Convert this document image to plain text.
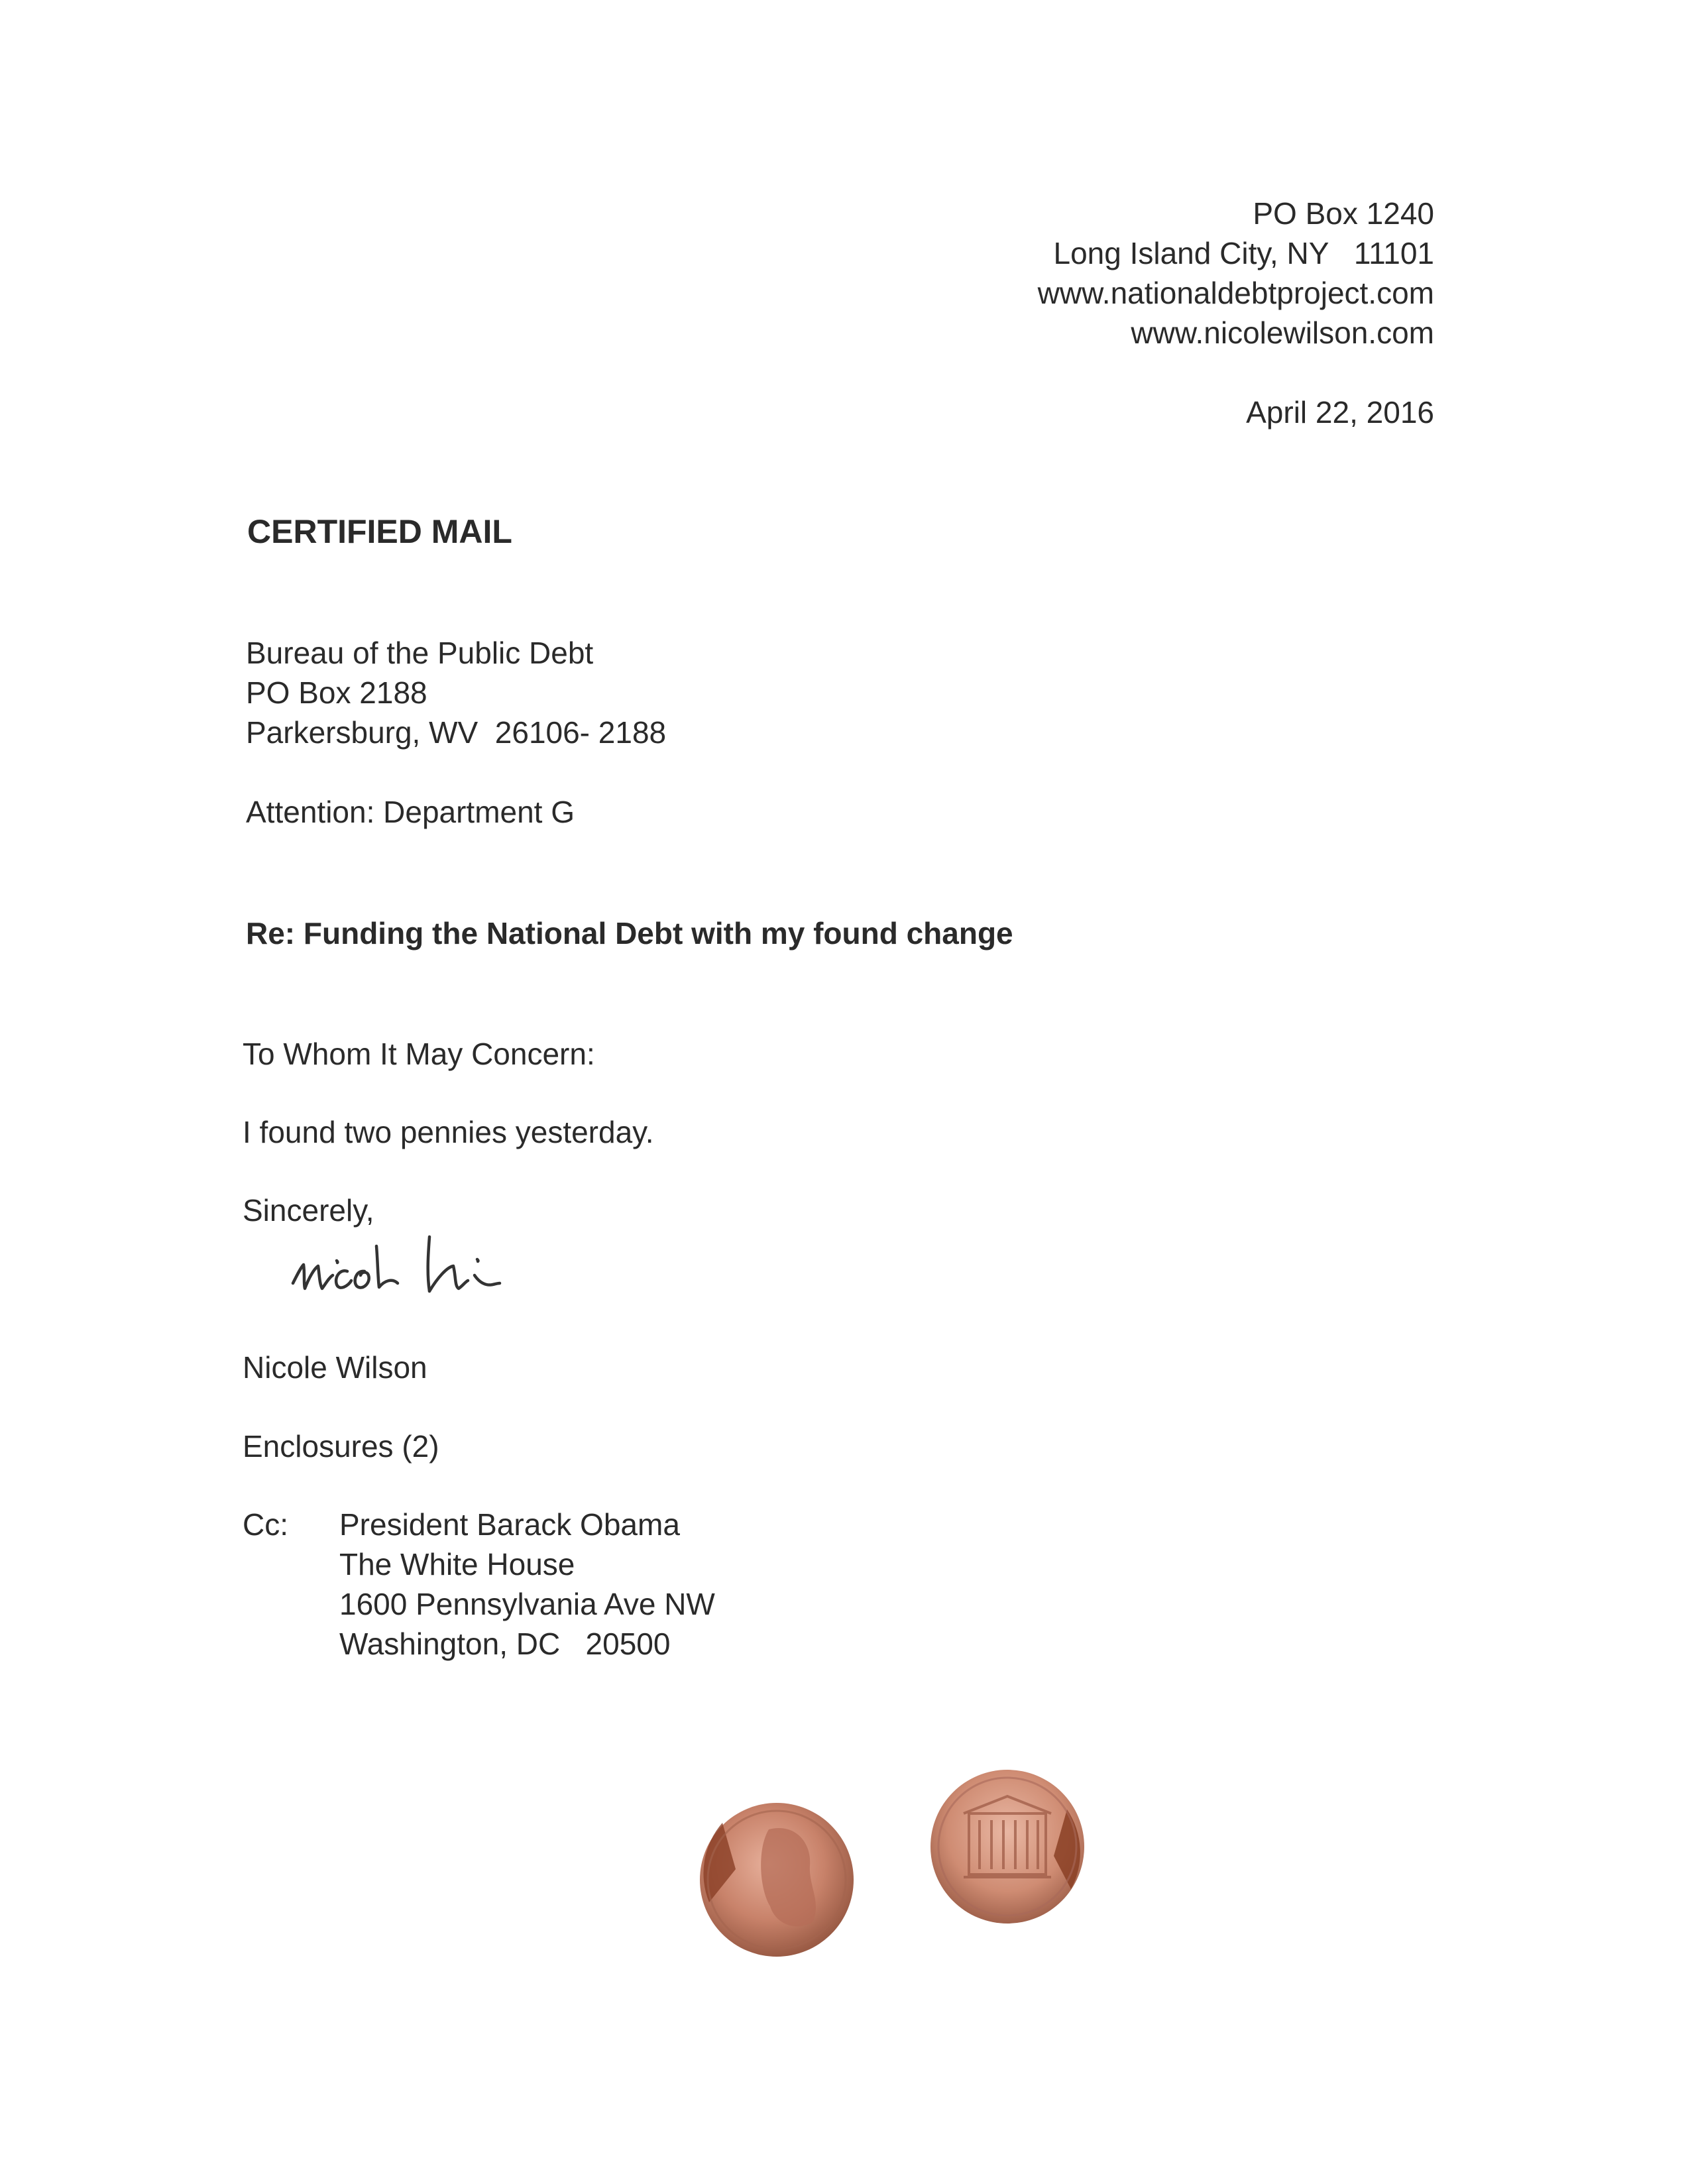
PO Box 1240
Long Island City, NY   11101
www.nationaldebtproject.com
www.nicolewilson.com
April 22, 2016
CERTIFIED MAIL
Bureau of the Public Debt
PO Box 2188
Parkersburg, WV  26106- 2188
Attention: Department G
Re: Funding the National Debt with my found change
To Whom It May Concern:
I found two pennies yesterday.
Sincerely,
Nicole Wilson
Enclosures (2)
Cc: President Barack Obama
The White House
1600 Pennsylvania Ave NW
Washington, DC   20500
